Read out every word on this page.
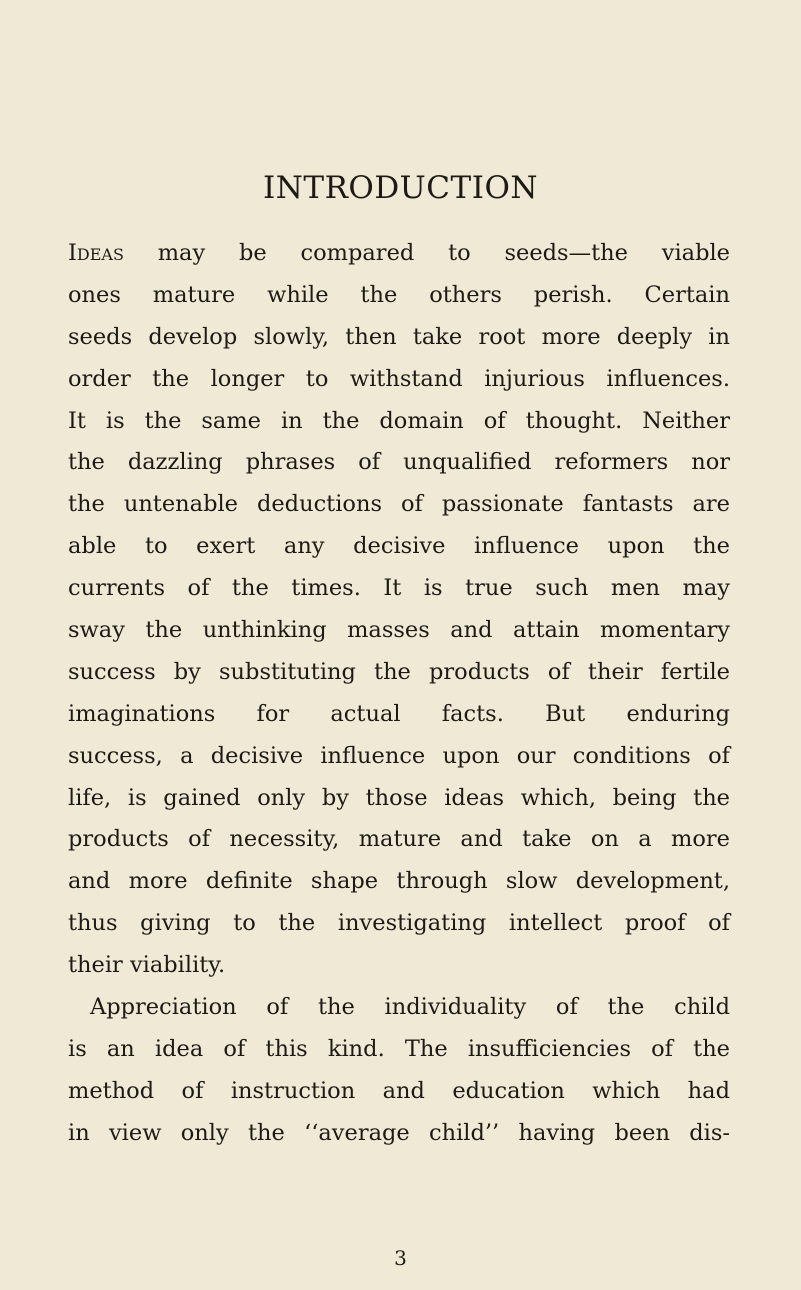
INTRODUCTION
Ideas may be compared to seeds—the viable
ones mature while the others perish. Certain
seeds develop slowly, then take root more deeply in
order the longer to withstand injurious influences.
It is the same in the domain of thought. Neither
the dazzling phrases of unqualified reformers nor
the untenable deductions of passionate fantasts are
able to exert any decisive influence upon the
currents of the times. It is true such men may
sway the unthinking masses and attain momentary
success by substituting the products of their fertile
imaginations for actual facts. But enduring
success, a decisive influence upon our conditions of
life, is gained only by those ideas which, being the
products of necessity, mature and take on a more
and more definite shape through slow development,
thus giving to the investigating intellect proof of
their viability.
Appreciation of the individuality of the child
is an idea of this kind. The insufficiencies of the
method of instruction and education which had
in view only the ‘‘average child’’ having been dis-
3
